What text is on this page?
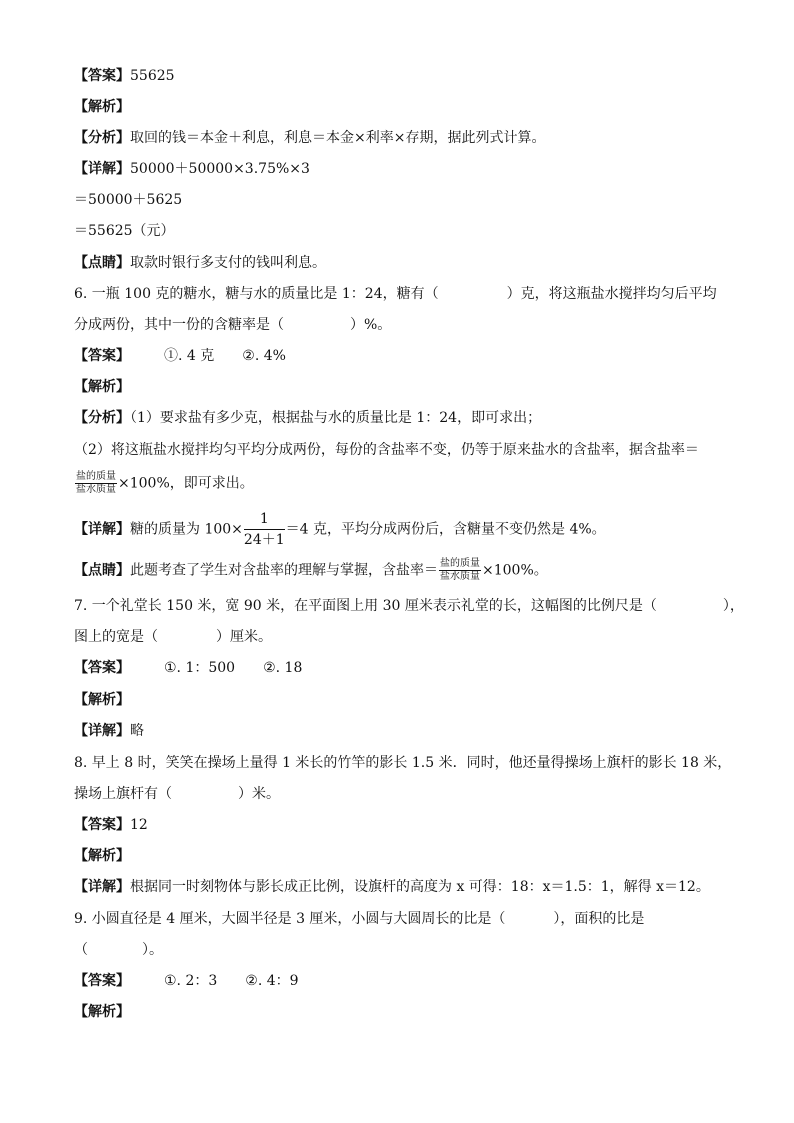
【答案】55625
【解析】
【分析】取回的钱＝本金＋利息，利息＝本金×利率×存期，据此列式计算。
【详解】50000＋50000×3.75%×3
＝50000＋5625
＝55625（元）
【点睛】取款时银行多支付的钱叫利息。
6. 一瓶 100 克的糖水，糖与水的质量比是 1：24，糖有（	）克，将这瓶盐水搅拌均匀后平均
分成两份，其中一份的含糖率是（	）%。
【答案】 ①. 4 克 ②. 4%
【解析】
【分析】（1）要求盐有多少克，根据盐与水的质量比是 1：24，即可求出；
（2）将这瓶盐水搅拌均匀平均分成两份，每份的含盐率不变，仍等于原来盐水的含盐率，据含盐率＝
$\frac{\text{盐的质量}}{\text{盐水质量}} \times 100\%$，即可求出。
【详解】糖的质量为 $100\times \frac{1}{24+1} =4$ 克，平均分成两份后，含糖量不变仍然是 4%。
【点睛】此题考查了学生对含盐率的理解与掌握，含盐率＝ $\frac{\text{盐的质量}}{\text{盐水质量}} \times 100\%$。
7. 一个礼堂长 150 米，宽 90 米，在平面图上用 30 厘米表示礼堂的长，这幅图的比例尺是（	），
图上的宽是（	）厘米。
【答案】 ①. 1：500 ②. 18
【解析】
【详解】略
8. 早上 8 时，笑笑在操场上量得 1 米长的竹竿的影长 1.5 米．同时，他还量得操场上旗杆的影长 18 米，
操场上旗杆有（	）米。
【答案】12
【解析】
【详解】根据同一时刻物体与影长成正比例，设旗杆的高度为 x 可得：18：x＝1.5：1，解得 x＝12。
9. 小圆直径是 4 厘米，大圆半径是 3 厘米，小圆与大圆周长的比是（	），面积的比是
（	）。
【答案】 ①. 2：3 ②. 4：9
【解析】
